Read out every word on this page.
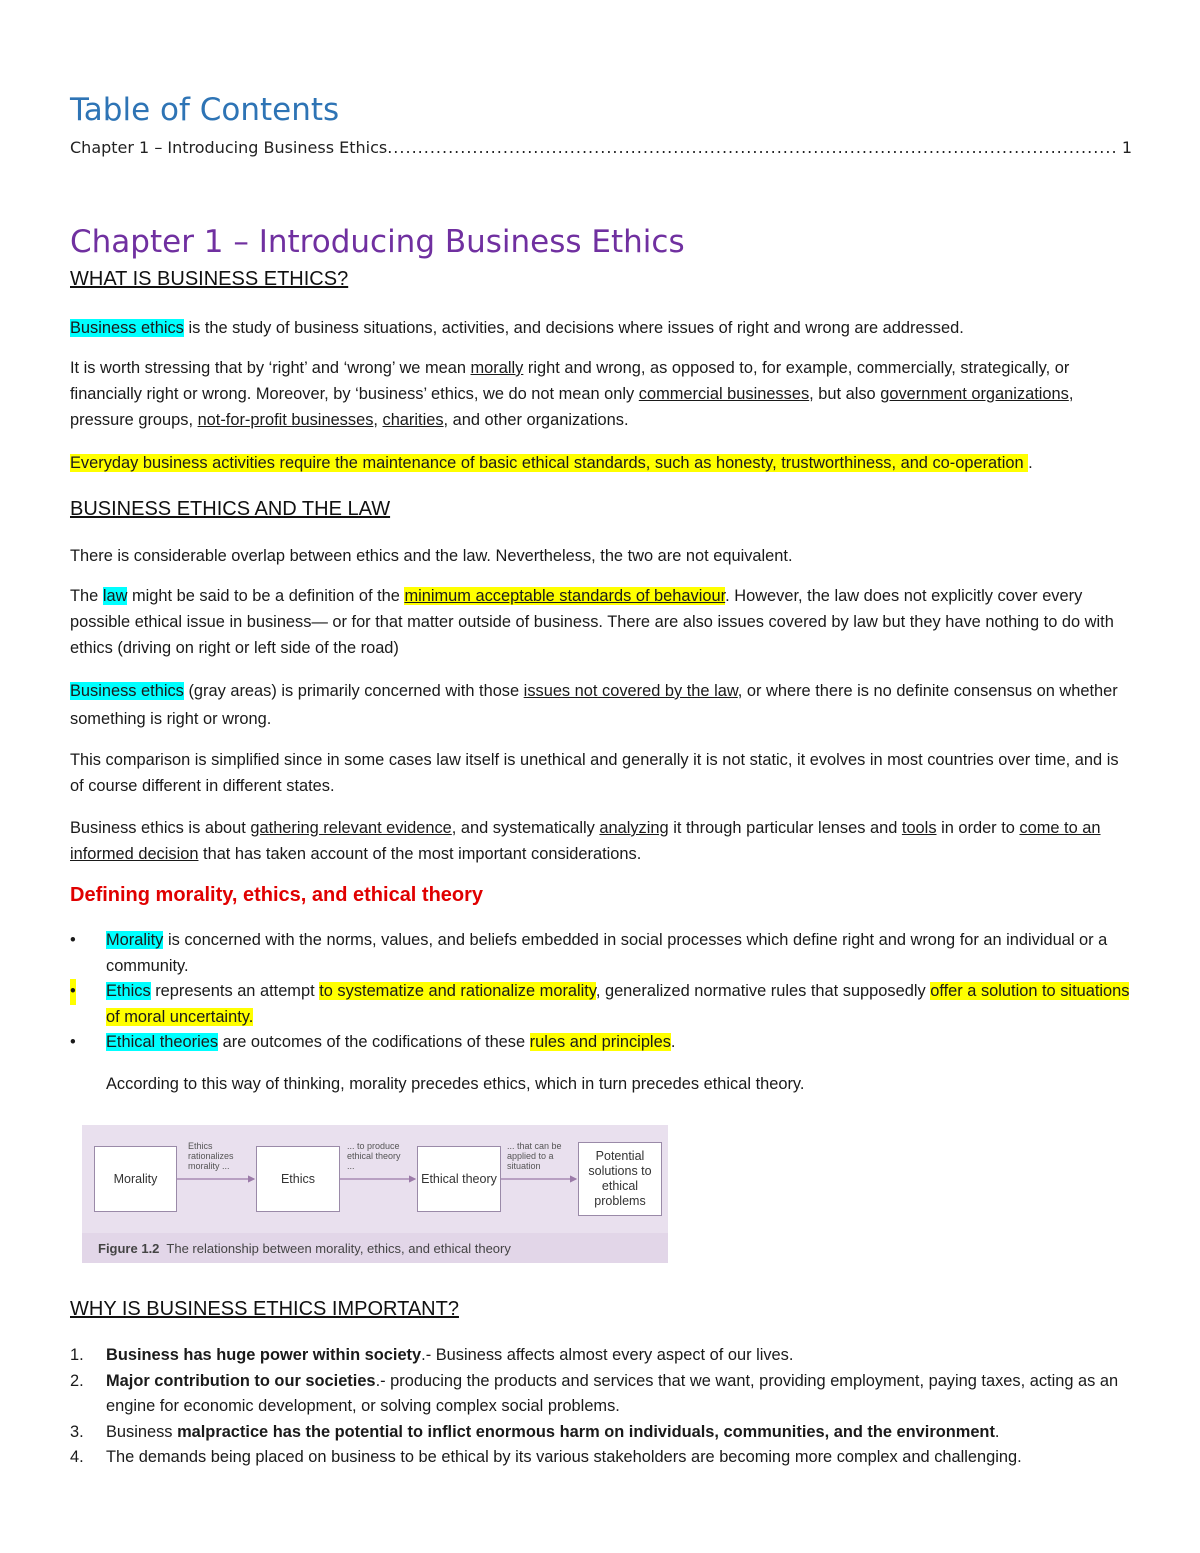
Table of Contents
Chapter 1 – Introducing Business Ethics
.....	1
Chapter 1 – Introducing Business Ethics
WHAT IS BUSINESS ETHICS?

Business ethics is the study of business situations, activities, and decisions where issues of right and wrong are addressed.

It is worth stressing that by ‘right’ and ‘wrong’ we mean morally right and wrong, as opposed to, for example, commercially, strategically, or financially right or wrong. Moreover, by ‘business’ ethics, we do not mean only commercial businesses, but also government organizations, pressure groups, not-for-profit businesses, charities, and other organizations.

Everyday business activities require the maintenance of basic ethical standards, such as honesty, trustworthiness, and co-operation .

BUSINESS ETHICS AND THE LAW

There is considerable overlap between ethics and the law. Nevertheless, the two are not equivalent.

The law might be said to be a definition of the minimum acceptable standards of behaviour. However, the law does not explicitly cover every possible ethical issue in business— or for that matter outside of business. There are also issues covered by law but they have nothing to do with ethics (driving on right or left side of the road)

Business ethics (gray areas) is primarily concerned with those issues not covered by the law, or where there is no definite consensus on whether something is right or wrong.

This comparison is simplified since in some cases law itself is unethical and generally it is not static, it evolves in most countries over time, and is of course different in different states.

Business ethics is about gathering relevant evidence, and systematically analyzing it through particular lenses and tools in order to come to an informed decision that has taken account of the most important considerations.

Defining morality, ethics, and ethical theory
• Morality is concerned with the norms, values, and beliefs embedded in social processes which define right and wrong for an individual or a community.
• Ethics represents an attempt to systematize and rationalize morality, generalized normative rules that supposedly offer a solution to situations of moral uncertainty.
• Ethical theories are outcomes of the codifications of these rules and principles.

According to this way of thinking, morality precedes ethics, which in turn precedes ethical theory.

Morality	Ethics	Ethical theory
Potential solutions to ethical problems
Ethics rationalizes morality ...
... to produce ethical theory ...
... that can be applied to a situation
Figure 1.2 The relationship between morality, ethics, and ethical theory
WHY IS BUSINESS ETHICS IMPORTANT?
1. Business has huge power within society.- Business affects almost every aspect of our lives.
2. Major contribution to our societies.- producing the products and services that we want, providing employment, paying taxes, acting as an engine for economic development, or solving complex social problems.
3. Business malpractice has the potential to inflict enormous harm on individuals, communities, and the environment.
4. The demands being placed on business to be ethical by its various stakeholders are becoming more complex and challenging.
